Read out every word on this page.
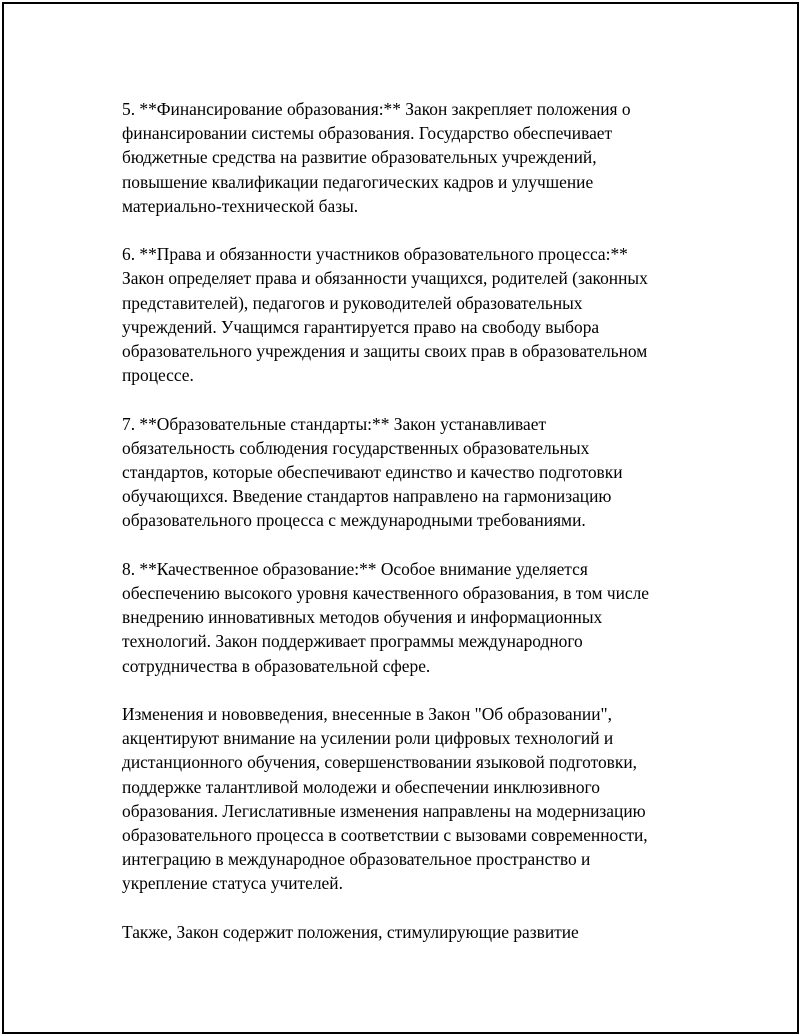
5. **Финансирование образования:** Закон закрепляет положения о
финансировании системы образования. Государство обеспечивает
бюджетные средства на развитие образовательных учреждений,
повышение квалификации педагогических кадров и улучшение
материально-технической базы.

6. **Права и обязанности участников образовательного процесса:**
Закон определяет права и обязанности учащихся, родителей (законных
представителей), педагогов и руководителей образовательных
учреждений. Учащимся гарантируется право на свободу выбора
образовательного учреждения и защиты своих прав в образовательном
процессе.

7. **Образовательные стандарты:** Закон устанавливает
обязательность соблюдения государственных образовательных
стандартов, которые обеспечивают единство и качество подготовки
обучающихся. Введение стандартов направлено на гармонизацию
образовательного процесса с международными требованиями.

8. **Качественное образование:** Особое внимание уделяется
обеспечению высокого уровня качественного образования, в том числе
внедрению инновативных методов обучения и информационных
технологий. Закон поддерживает программы международного
сотрудничества в образовательной сфере.

Изменения и нововведения, внесенные в Закон "Об образовании",
акцентируют внимание на усилении роли цифровых технологий и
дистанционного обучения, совершенствовании языковой подготовки,
поддержке талантливой молодежи и обеспечении инклюзивного
образования. Легислативные изменения направлены на модернизацию
образовательного процесса в соответствии с вызовами современности,
интеграцию в международное образовательное пространство и
укрепление статуса учителей.

Также, Закон содержит положения, стимулирующие развитие
